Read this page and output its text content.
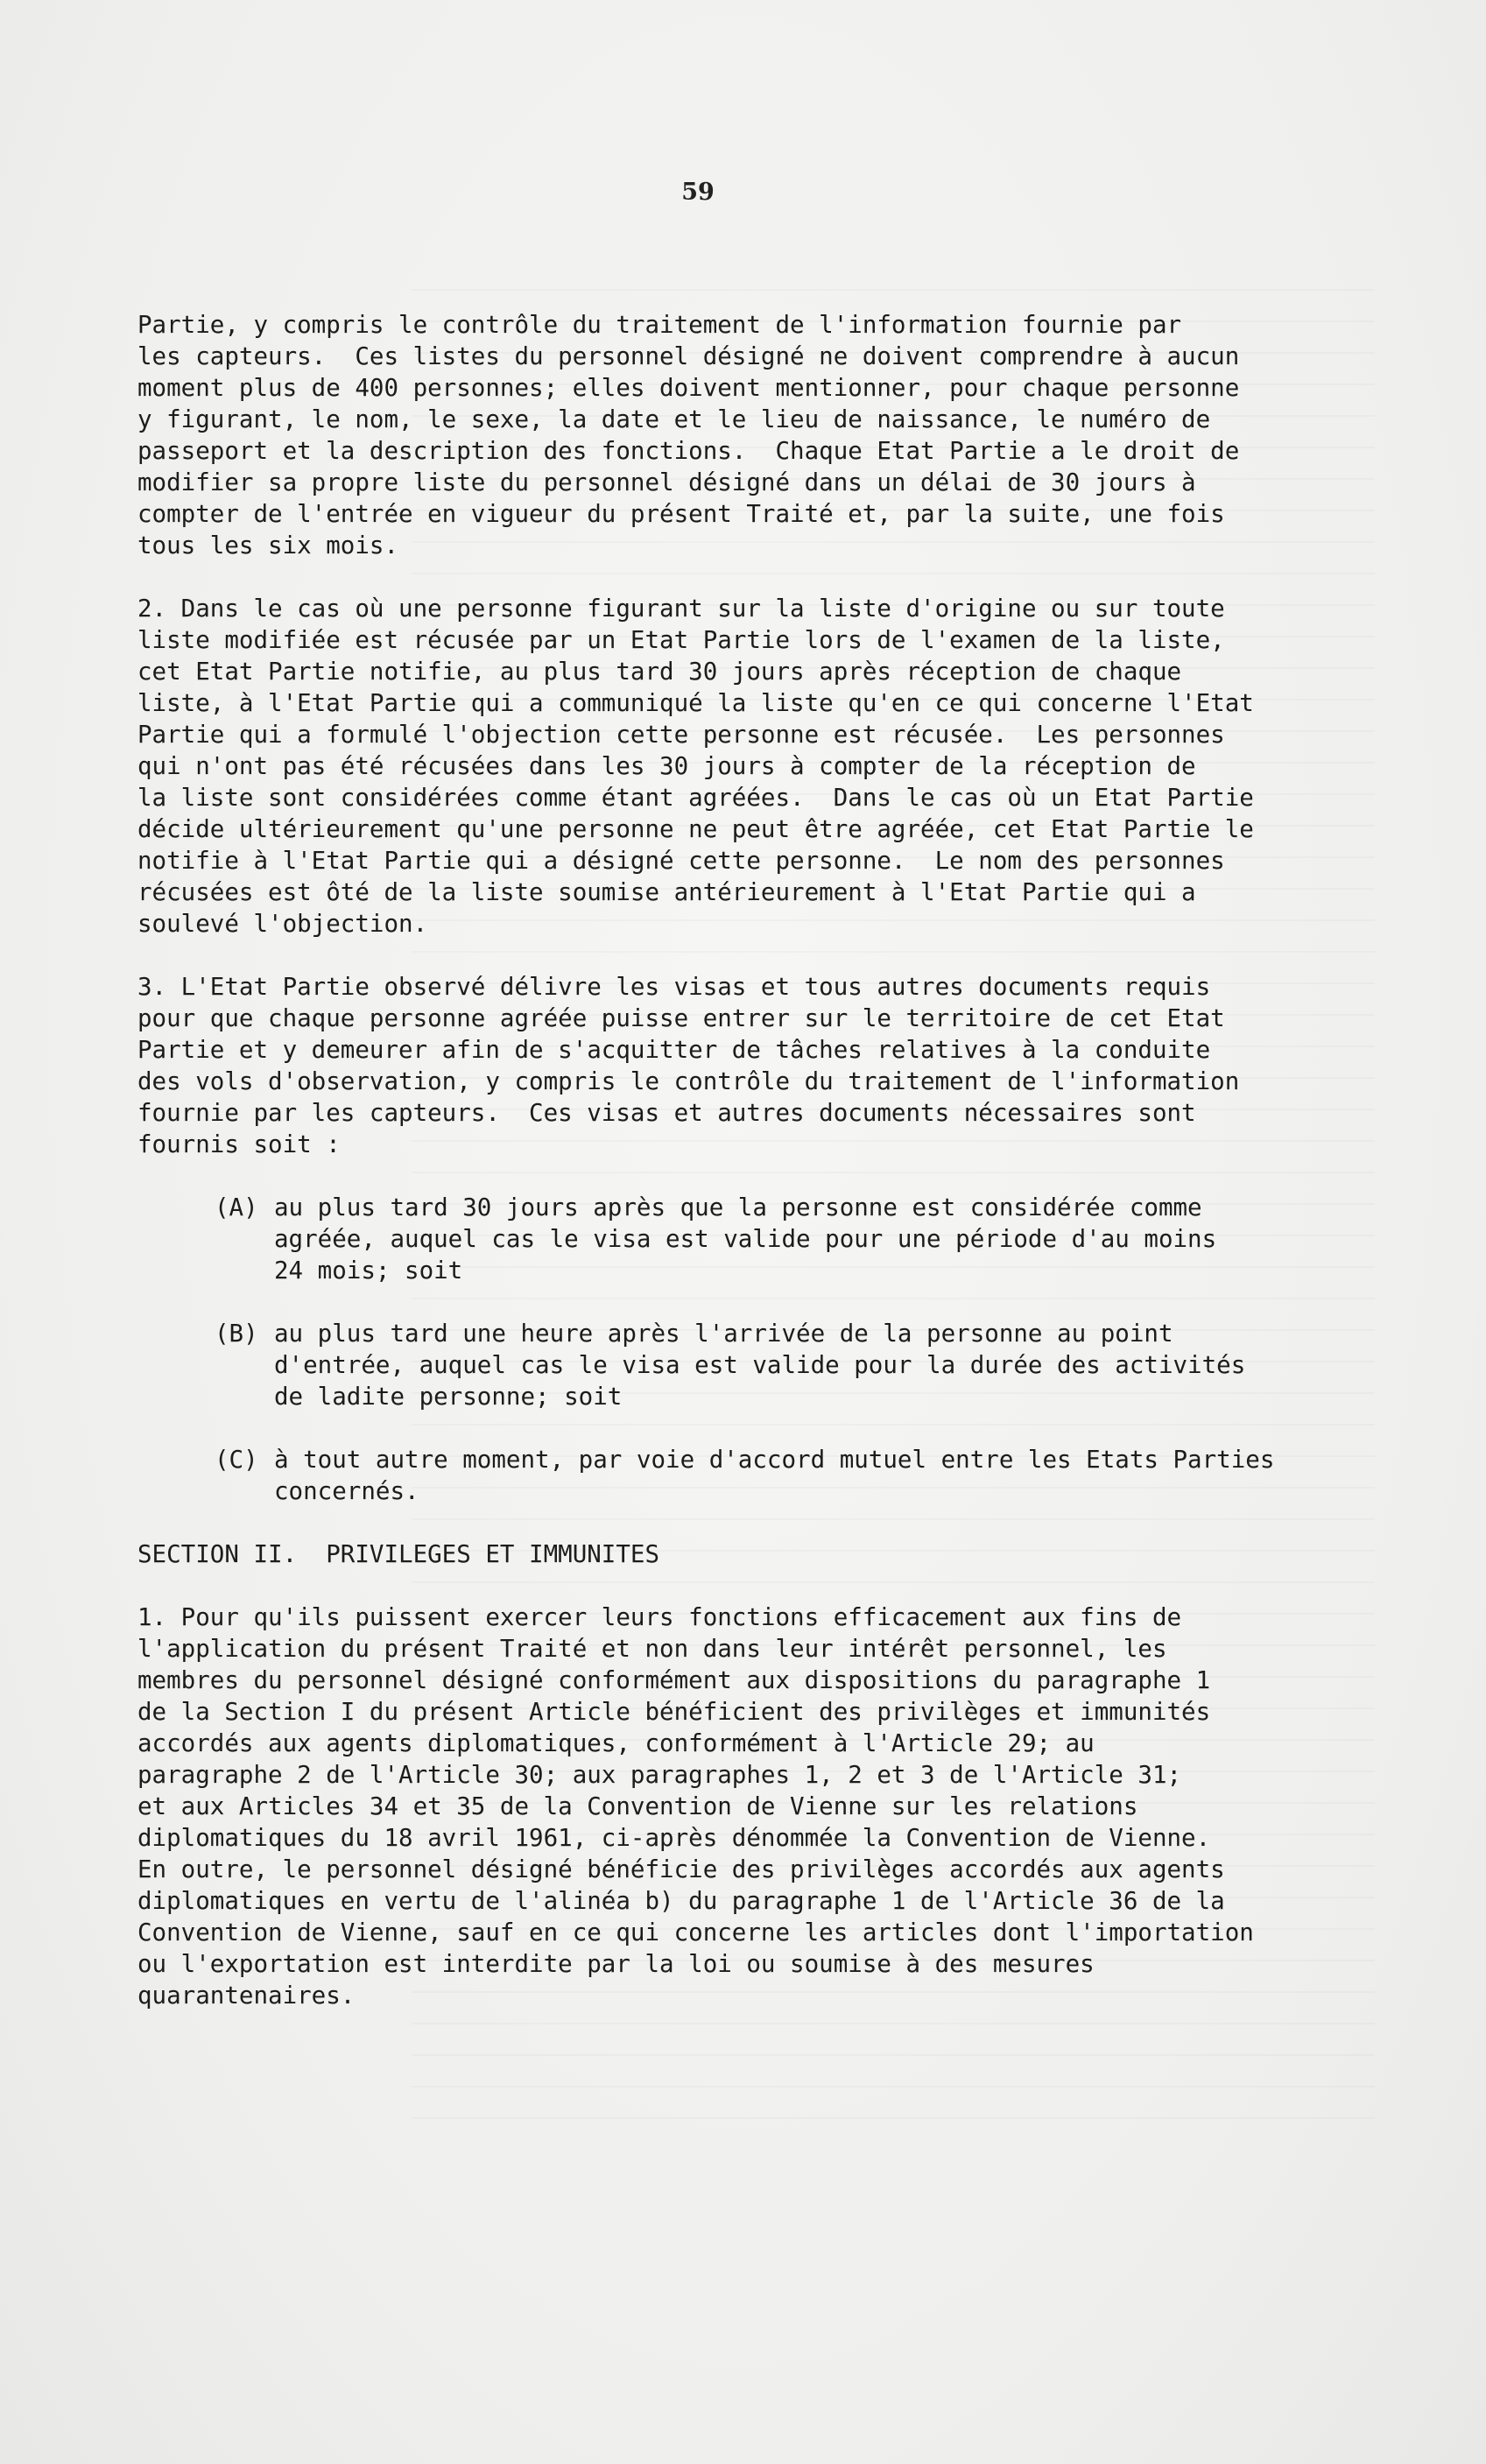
59
Partie, y compris le contrôle du traitement de l'information fournie par
les capteurs.  Ces listes du personnel désigné ne doivent comprendre à aucun
moment plus de 400 personnes; elles doivent mentionner, pour chaque personne
y figurant, le nom, le sexe, la date et le lieu de naissance, le numéro de
passeport et la description des fonctions.  Chaque Etat Partie a le droit de
modifier sa propre liste du personnel désigné dans un délai de 30 jours à
compter de l'entrée en vigueur du présent Traité et, par la suite, une fois
tous les six mois.
2. Dans le cas où une personne figurant sur la liste d'origine ou sur toute
liste modifiée est récusée par un Etat Partie lors de l'examen de la liste,
cet Etat Partie notifie, au plus tard 30 jours après réception de chaque
liste, à l'Etat Partie qui a communiqué la liste qu'en ce qui concerne l'Etat
Partie qui a formulé l'objection cette personne est récusée.  Les personnes
qui n'ont pas été récusées dans les 30 jours à compter de la réception de
la liste sont considérées comme étant agréées.  Dans le cas où un Etat Partie
décide ultérieurement qu'une personne ne peut être agréée, cet Etat Partie le
notifie à l'Etat Partie qui a désigné cette personne.  Le nom des personnes
récusées est ôté de la liste soumise antérieurement à l'Etat Partie qui a
soulevé l'objection.
3. L'Etat Partie observé délivre les visas et tous autres documents requis
pour que chaque personne agréée puisse entrer sur le territoire de cet Etat
Partie et y demeurer afin de s'acquitter de tâches relatives à la conduite
des vols d'observation, y compris le contrôle du traitement de l'information
fournie par les capteurs.  Ces visas et autres documents nécessaires sont
fournis soit :
(A) au plus tard 30 jours après que la personne est considérée comme
agréée, auquel cas le visa est valide pour une période d'au moins
24 mois; soit
(B) au plus tard une heure après l'arrivée de la personne au point
d'entrée, auquel cas le visa est valide pour la durée des activités
de ladite personne; soit
(C) à tout autre moment, par voie d'accord mutuel entre les Etats Parties
concernés.
SECTION II.  PRIVILEGES ET IMMUNITES
1. Pour qu'ils puissent exercer leurs fonctions efficacement aux fins de
l'application du présent Traité et non dans leur intérêt personnel, les
membres du personnel désigné conformément aux dispositions du paragraphe 1
de la Section I du présent Article bénéficient des privilèges et immunités
accordés aux agents diplomatiques, conformément à l'Article 29; au
paragraphe 2 de l'Article 30; aux paragraphes 1, 2 et 3 de l'Article 31;
et aux Articles 34 et 35 de la Convention de Vienne sur les relations
diplomatiques du 18 avril 1961, ci-après dénommée la Convention de Vienne.
En outre, le personnel désigné bénéficie des privilèges accordés aux agents
diplomatiques en vertu de l'alinéa b) du paragraphe 1 de l'Article 36 de la
Convention de Vienne, sauf en ce qui concerne les articles dont l'importation
ou l'exportation est interdite par la loi ou soumise à des mesures
quarantenaires.
